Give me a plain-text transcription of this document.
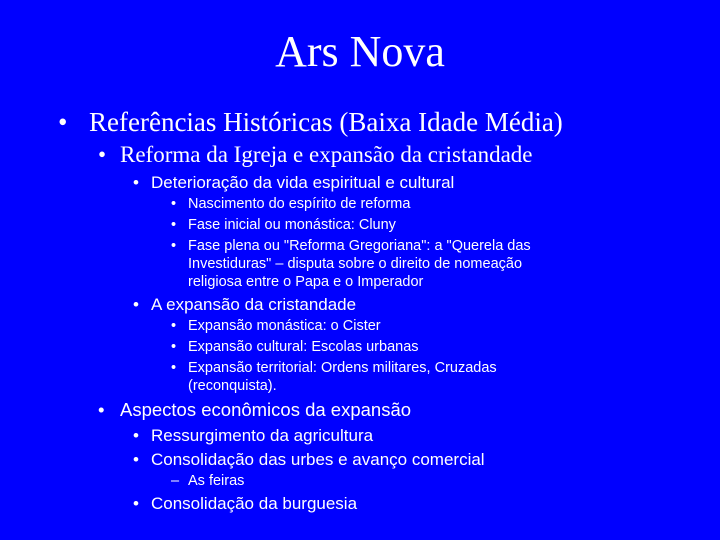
Ars Nova
• Referências Históricas (Baixa Idade Média)
• Reforma da Igreja e expansão da cristandade
• Deterioração da vida espiritual e cultural
• Nascimento do espírito de reforma
• Fase inicial ou monástica: Cluny
• Fase plena ou "Reforma Gregoriana": a "Querela das
Investiduras" – disputa sobre o direito de nomeação
religiosa entre o Papa e o Imperador
• A expansão da cristandade
• Expansão monástica: o Cister
• Expansão cultural: Escolas urbanas
• Expansão territorial: Ordens militares, Cruzadas
(reconquista).
• Aspectos econômicos da expansão
• Ressurgimento da agricultura
• Consolidação das urbes e avanço comercial
– As feiras
• Consolidação da burguesia
